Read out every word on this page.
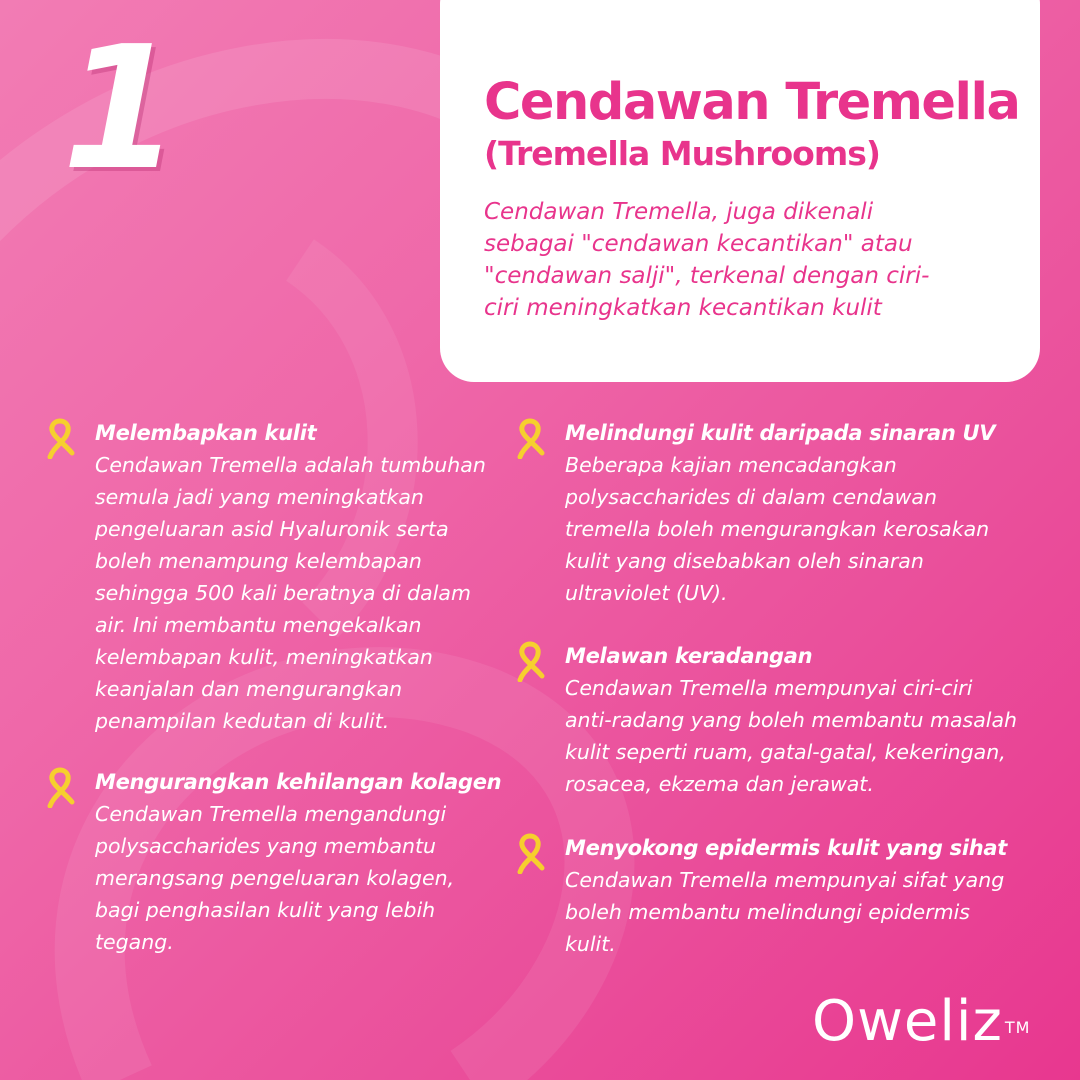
1	Cendawan Tremella
(Tremella Mushrooms)
Cendawan Tremella, juga dikenali sebagai "cendawan kecantikan" atau "cendawan salji", terkenal dengan ciri-ciri meningkatkan kecantikan kulit
Melembapkan kulit
Cendawan Tremella adalah tumbuhan
semula jadi yang meningkatkan
pengeluaran asid Hyaluronik serta
boleh menampung kelembapan
sehingga 500 kali beratnya di dalam
air. Ini membantu mengekalkan
kelembapan kulit, meningkatkan
keanjalan dan mengurangkan
penampilan kedutan di kulit.
Mengurangkan kehilangan kolagen
Cendawan Tremella mengandungi
polysaccharides yang membantu
merangsang pengeluaran kolagen,
bagi penghasilan kulit yang lebih
tegang.
Melindungi kulit daripada sinaran UV
Beberapa kajian mencadangkan
polysaccharides di dalam cendawan
tremella boleh mengurangkan kerosakan
kulit yang disebabkan oleh sinaran
ultraviolet (UV).
Melawan keradangan
Cendawan Tremella mempunyai ciri-ciri
anti-radang yang boleh membantu masalah
kulit seperti ruam, gatal-gatal, kekeringan,
rosacea, ekzema dan jerawat.
Menyokong epidermis kulit yang sihat
Cendawan Tremella mempunyai sifat yang
boleh membantu melindungi epidermis
kulit.
Oweliz ™
